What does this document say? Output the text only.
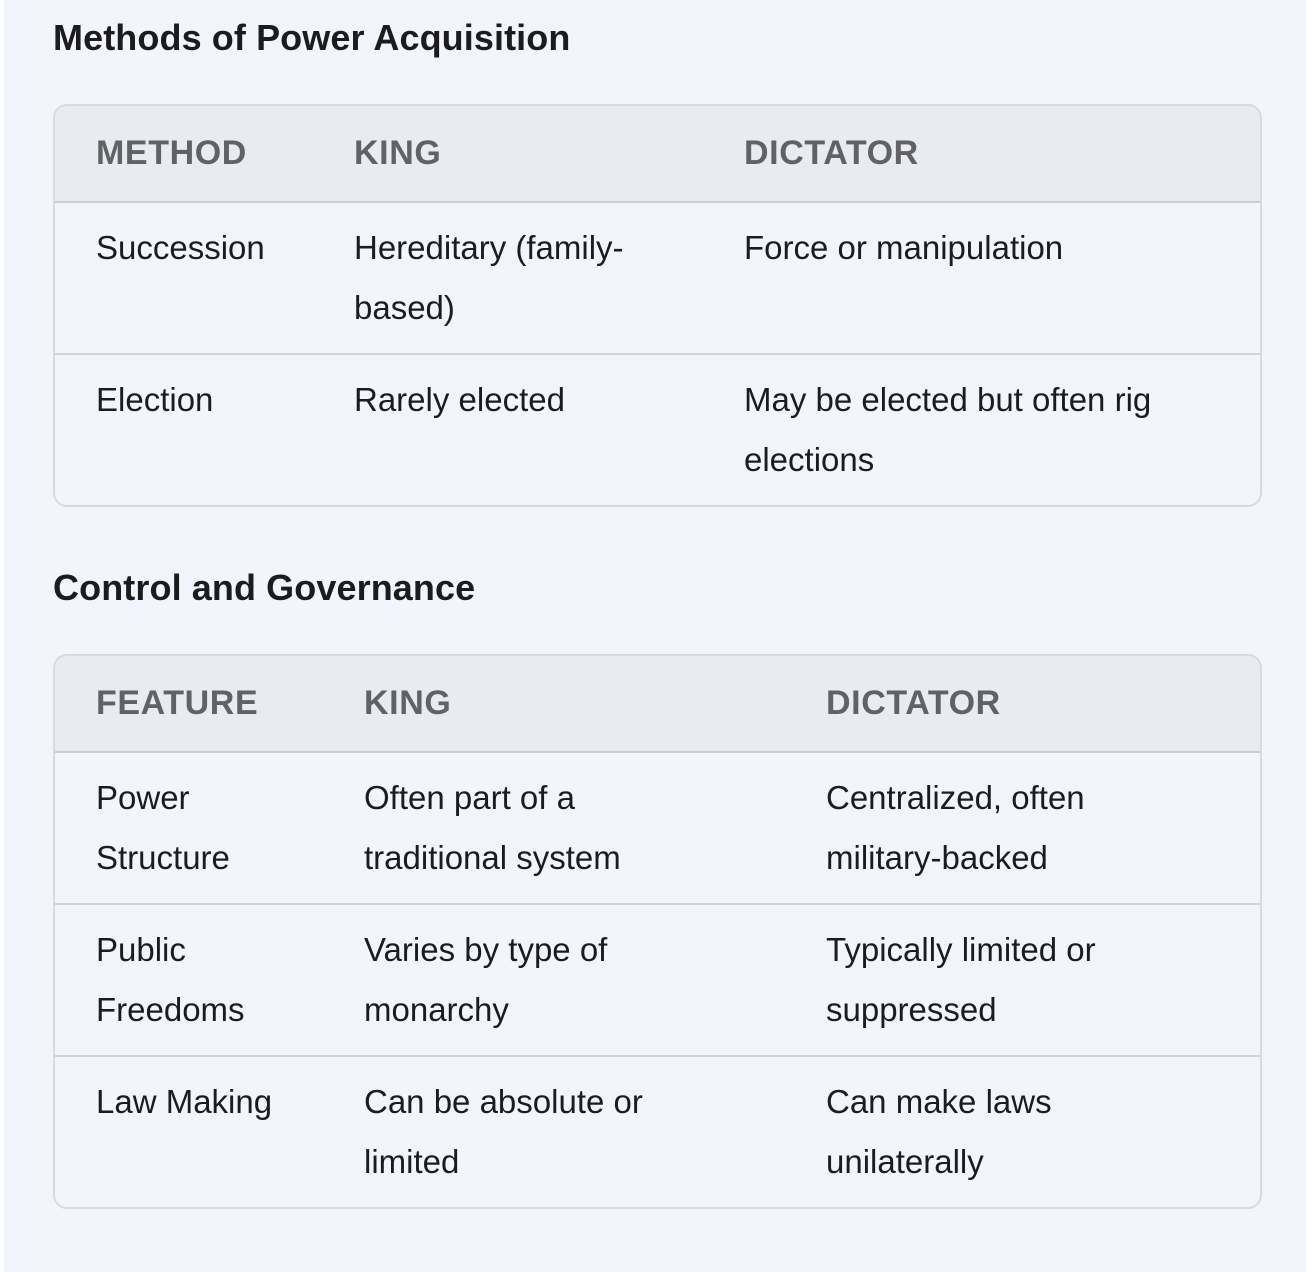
Methods of Power Acquisition
METHOD	KING	DICTATOR
Succession	Hereditary (family-based)	Force or manipulation
Election	Rarely elected	May be elected but often rig elections
Control and Governance
FEATURE	KING	DICTATOR
Power Structure	Often part of a traditional system	Centralized, often military-backed
Public Freedoms	Varies by type of monarchy	Typically limited or suppressed
Law Making	Can be absolute or limited	Can make laws unilaterally
